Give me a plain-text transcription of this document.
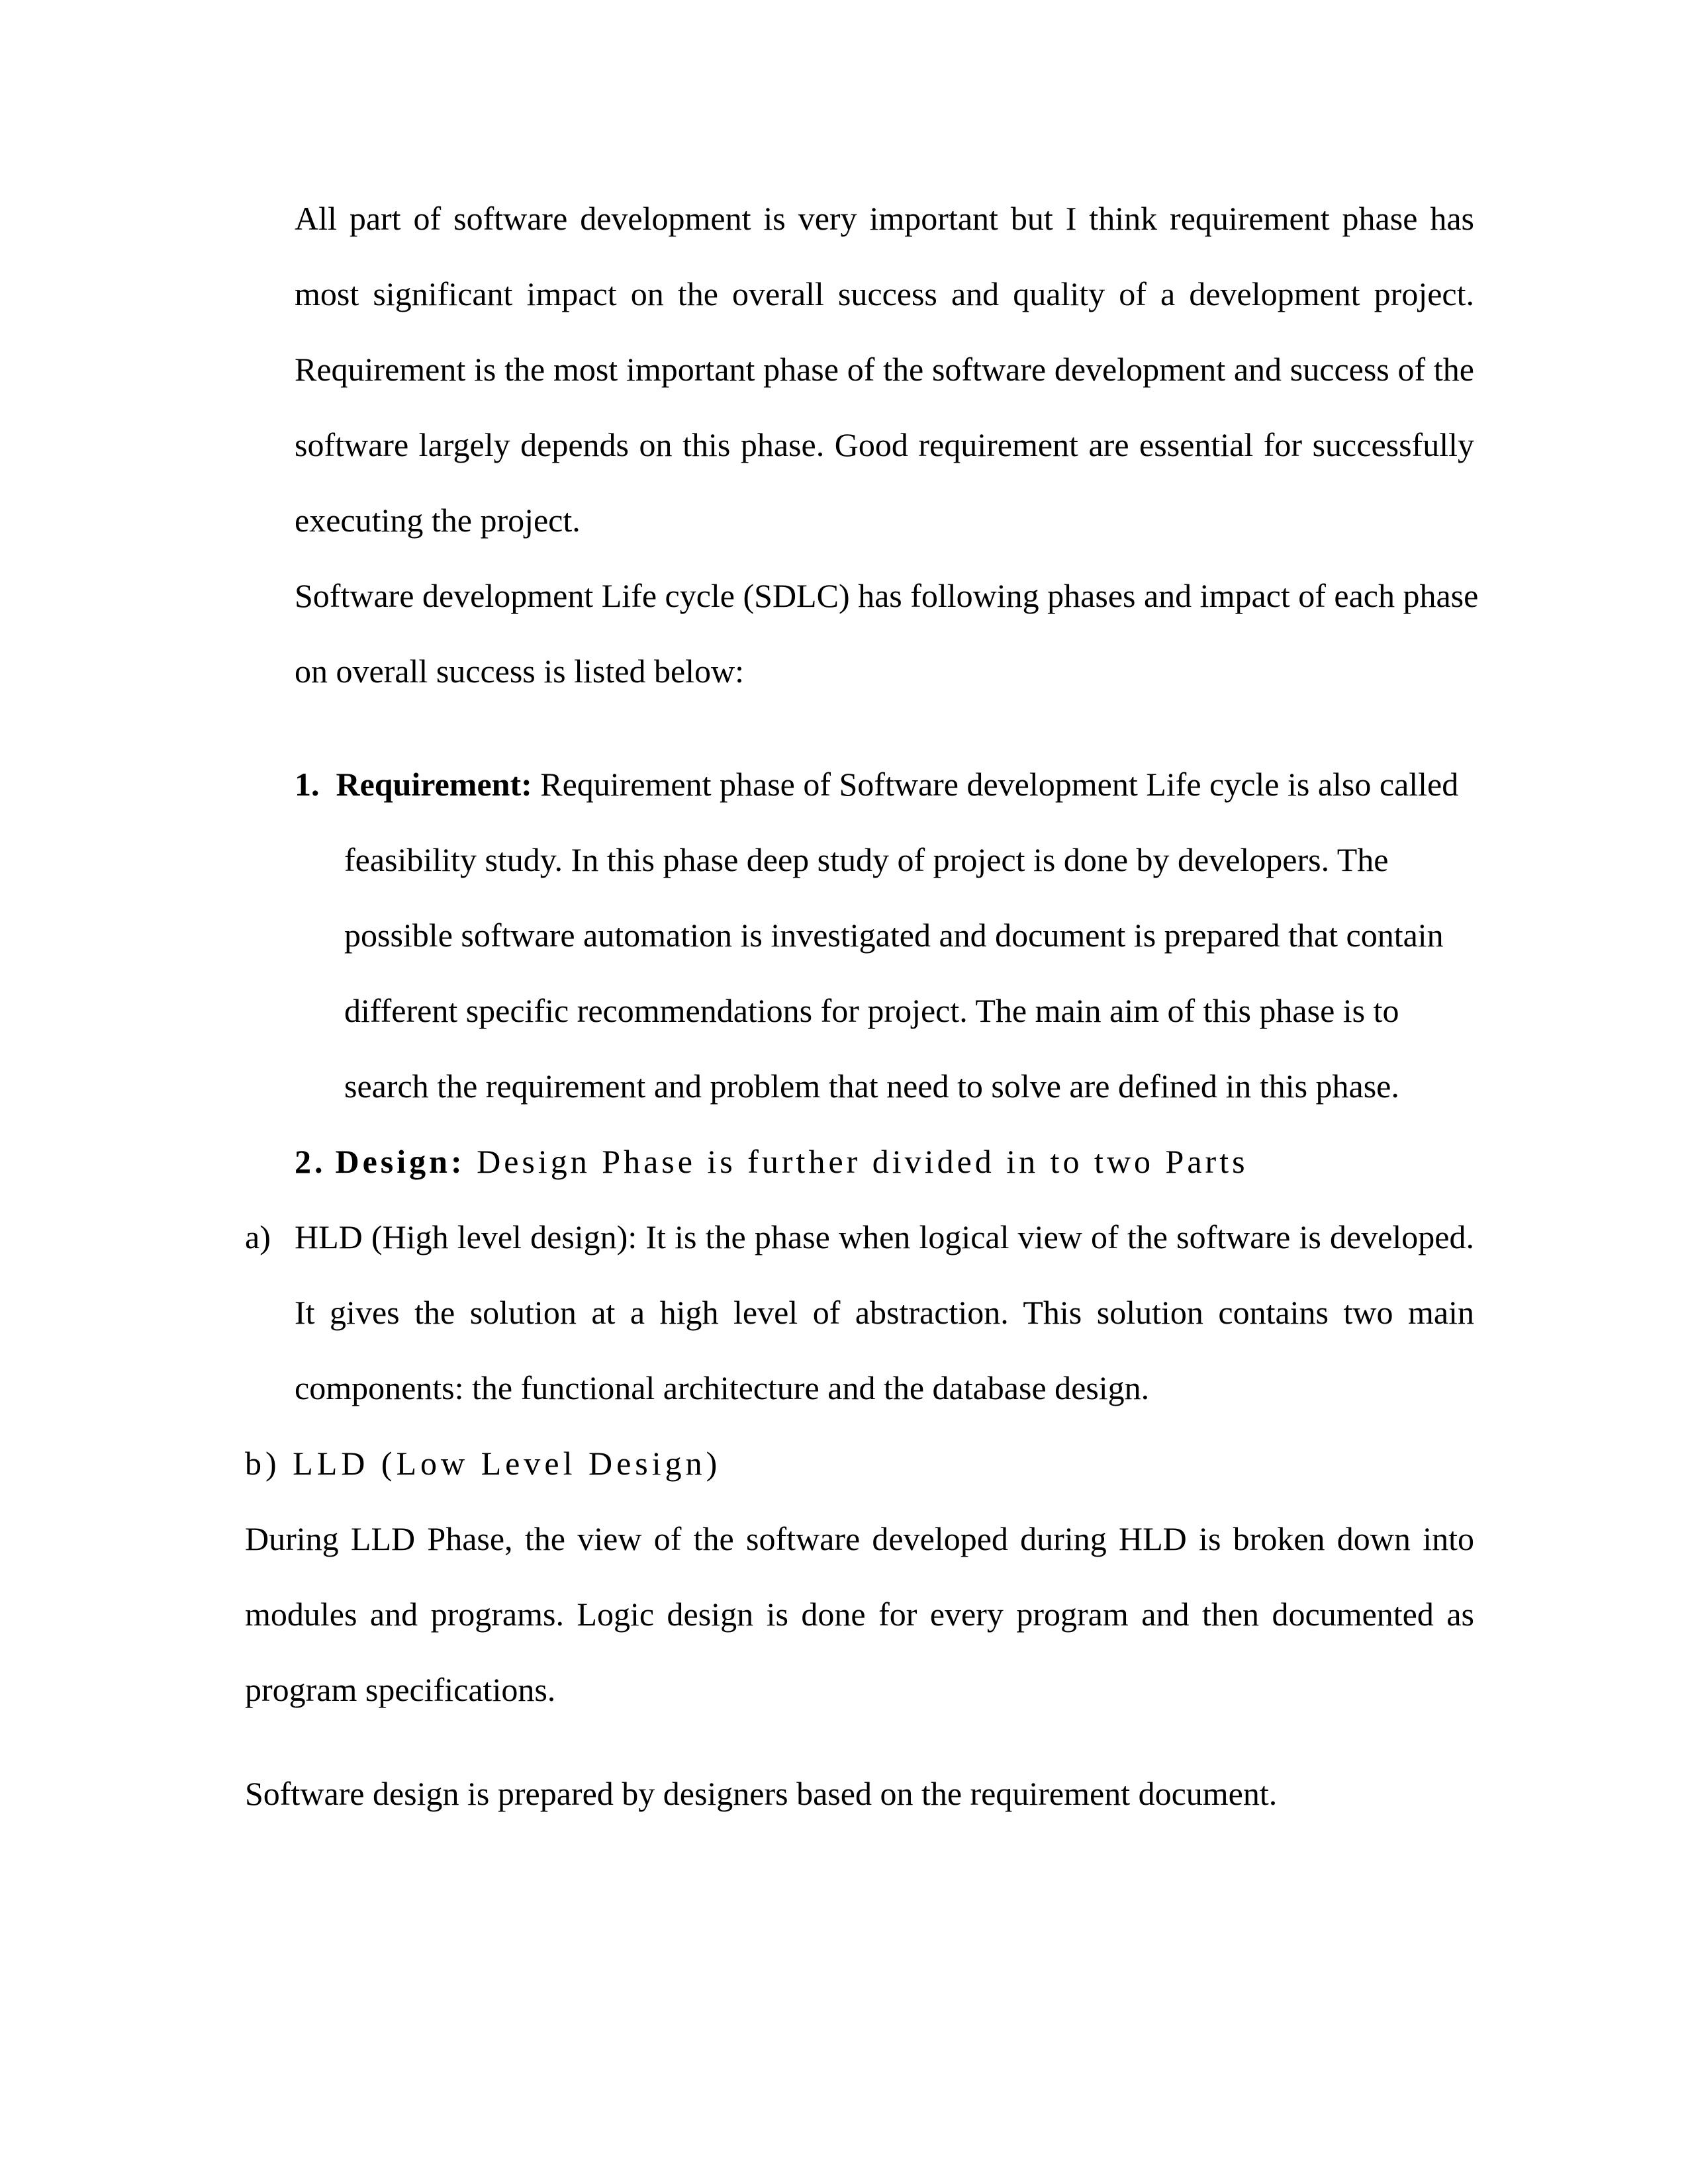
All part of software development is very important but I think requirement phase has
most significant impact on the overall success and quality of a development project.
Requirement is the most important phase of the software development and success of the
software largely depends on this phase. Good requirement are essential for successfully
executing the project.
Software development Life cycle (SDLC) has following phases and impact of each phase
on overall success is listed below:
1. Requirement: Requirement phase of Software development Life cycle is also called
feasibility study. In this phase deep study of project is done by developers. The
possible software automation is investigated and document is prepared that contain
different specific recommendations for project. The main aim of this phase is to
search the requirement and problem that need to solve are defined in this phase.
2. Design: Design Phase is further divided in to two Parts
a) HLD (High level design): It is the phase when logical view of the software is developed.
It gives the solution at a high level of abstraction. This solution contains two main
components: the functional architecture and the database design.
b) LLD (Low Level Design)
During LLD Phase, the view of the software developed during HLD is broken down into
modules and programs. Logic design is done for every program and then documented as
program specifications.
Software design is prepared by designers based on the requirement document.
